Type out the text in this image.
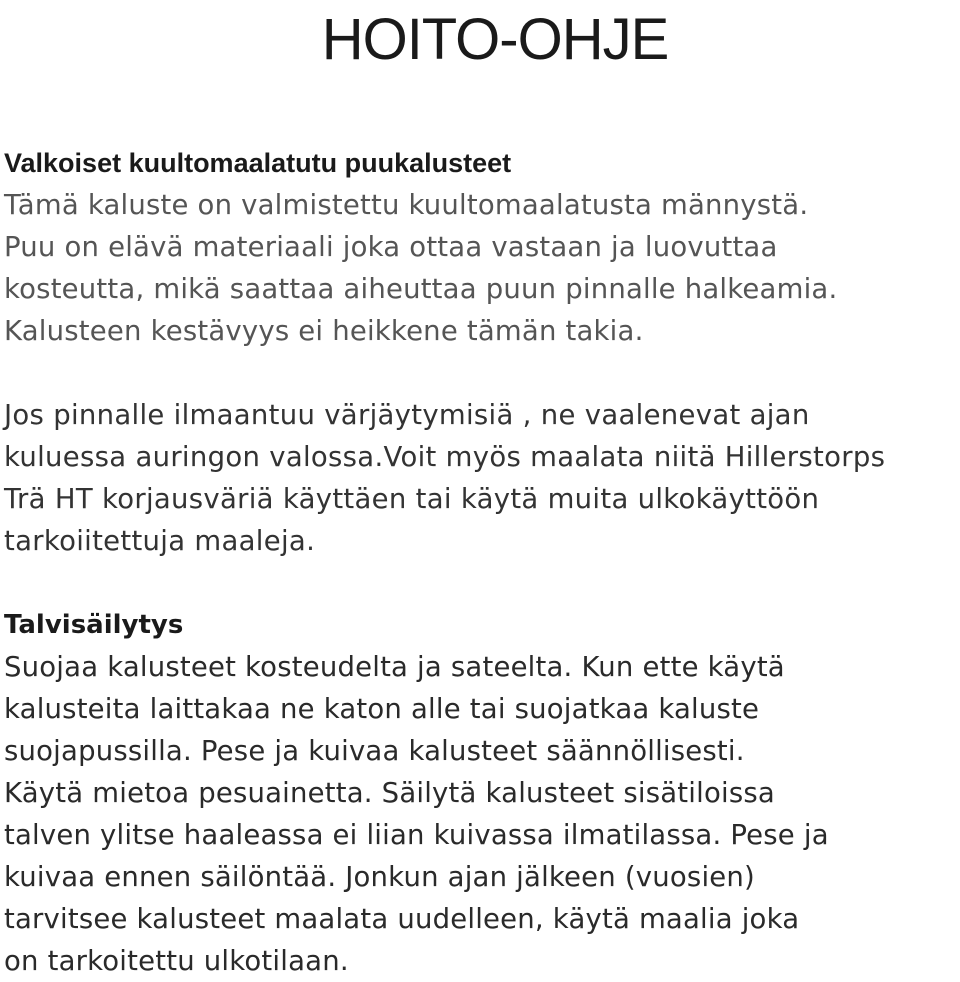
HOITO-OHJE
Valkoiset kuultomaalatutu puukalusteet
Tämä kaluste on valmistettu kuultomaalatusta männystä.
Puu on elävä materiaali joka ottaa vastaan ja luovuttaa
kosteutta, mikä saattaa aiheuttaa puun pinnalle halkeamia.
Kalusteen kestävyys ei heikkene tämän takia.
Jos pinnalle ilmaantuu värjäytymisiä , ne vaalenevat ajan
kuluessa auringon valossa.Voit myös maalata niitä Hillerstorps
Trä HT korjausväriä käyttäen tai käytä muita ulkokäyttöön
tarkoiitettuja maaleja.
Talvisäilytys
Suojaa kalusteet kosteudelta ja sateelta. Kun ette käytä
kalusteita laittakaa ne katon alle tai suojatkaa kaluste
suojapussilla. Pese ja kuivaa kalusteet säännöllisesti.
Käytä mietoa pesuainetta. Säilytä kalusteet sisätiloissa
talven ylitse haaleassa ei liian kuivassa ilmatilassa. Pese ja
kuivaa ennen säilöntää. Jonkun ajan jälkeen (vuosien)
tarvitsee kalusteet maalata uudelleen, käytä maalia joka
on tarkoitettu ulkotilaan.
